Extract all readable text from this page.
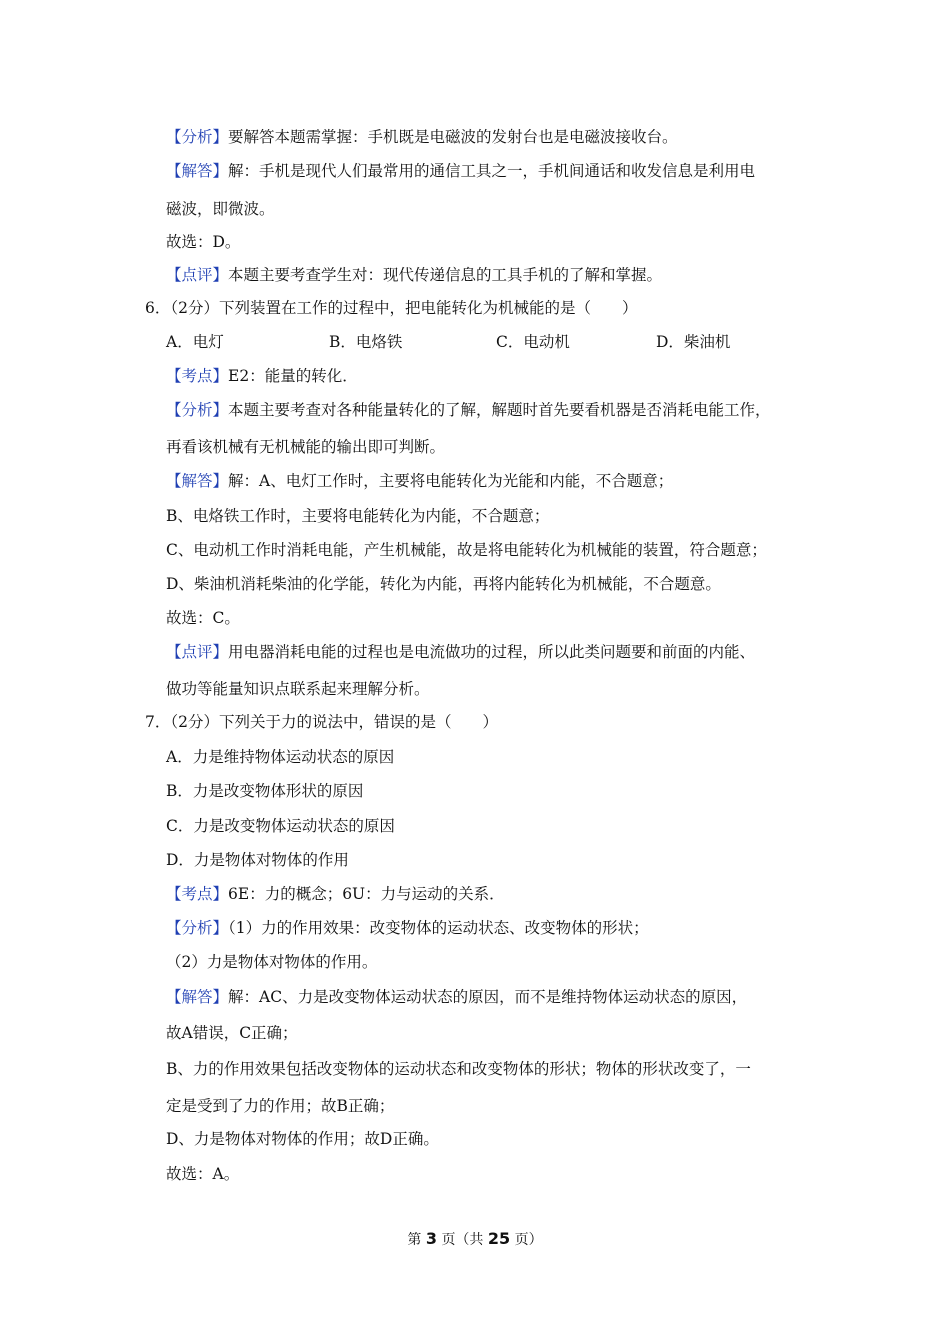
【分析】要解答本题需掌握：手机既是电磁波的发射台也是电磁波接收台。
【解答】解：手机是现代人们最常用的通信工具之一，手机间通话和收发信息是利用电
磁波，即微波。
故选：D。
【点评】本题主要考查学生对：现代传递信息的工具手机的了解和掌握。
6．（2分）下列装置在工作的过程中，把电能转化为机械能的是（　　）
A．电灯	B．电烙铁	C．电动机	D．柴油机
【考点】E2：能量的转化．
【分析】本题主要考查对各种能量转化的了解，解题时首先要看机器是否消耗电能工作，
再看该机械有无机械能的输出即可判断。
【解答】解：A、电灯工作时，主要将电能转化为光能和内能，不合题意；
B、电烙铁工作时，主要将电能转化为内能，不合题意；
C、电动机工作时消耗电能，产生机械能，故是将电能转化为机械能的装置，符合题意；
D、柴油机消耗柴油的化学能，转化为内能，再将内能转化为机械能，不合题意。
故选：C。
【点评】用电器消耗电能的过程也是电流做功的过程，所以此类问题要和前面的内能、
做功等能量知识点联系起来理解分析。
7．（2分）下列关于力的说法中，错误的是（　　）
A．力是维持物体运动状态的原因
B．力是改变物体形状的原因
C．力是改变物体运动状态的原因
D．力是物体对物体的作用
【考点】6E：力的概念；6U：力与运动的关系．
【分析】（1）力的作用效果：改变物体的运动状态、改变物体的形状；
（2）力是物体对物体的作用。
【解答】解：AC、力是改变物体运动状态的原因，而不是维持物体运动状态的原因，
故A错误，C正确；
B、力的作用效果包括改变物体的运动状态和改变物体的形状；物体的形状改变了，一
定是受到了力的作用；故B正确；
D、力是物体对物体的作用；故D正确。
故选：A。
第 3 页（共 25 页）
